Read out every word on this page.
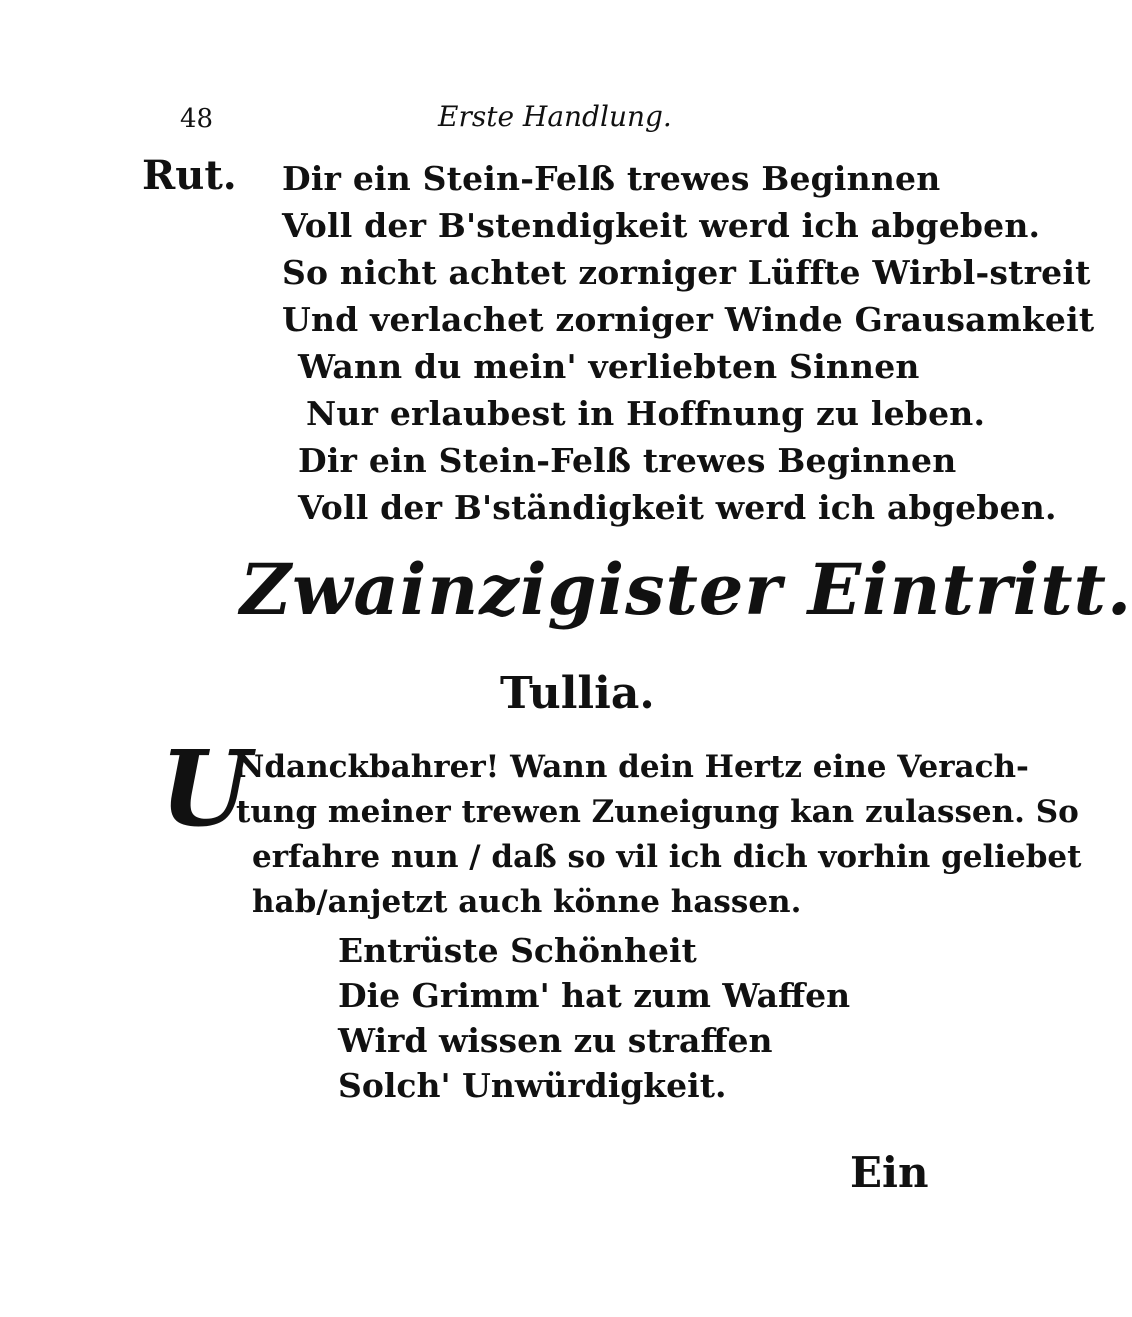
48	Erste Handlung.
Rut. Dir ein Stein-Felß trewes Beginnen
Voll der B'stendigkeit werd ich abgeben.
So nicht achtet zorniger Lüffte Wirbl-streit
Und verlachet zorniger Winde Grausamkeit
Wann du mein' verliebten Sinnen
Nur erlaubest in Hoffnung zu leben.
Dir ein Stein-Felß trewes Beginnen
Voll der B'ständigkeit werd ich abgeben.
Zwainzigister Eintritt.
Tullia.
U
Ndanckbahrer! Wann dein Hertz eine Verach-
tung meiner trewen Zuneigung kan zulassen. So
erfahre nun / daß so vil ich dich vorhin geliebet
hab/anjetzt auch könne hassen.
Entrüste Schönheit
Die Grimm' hat zum Waffen
Wird wissen zu straffen
Solch' Unwürdigkeit.
Ein
